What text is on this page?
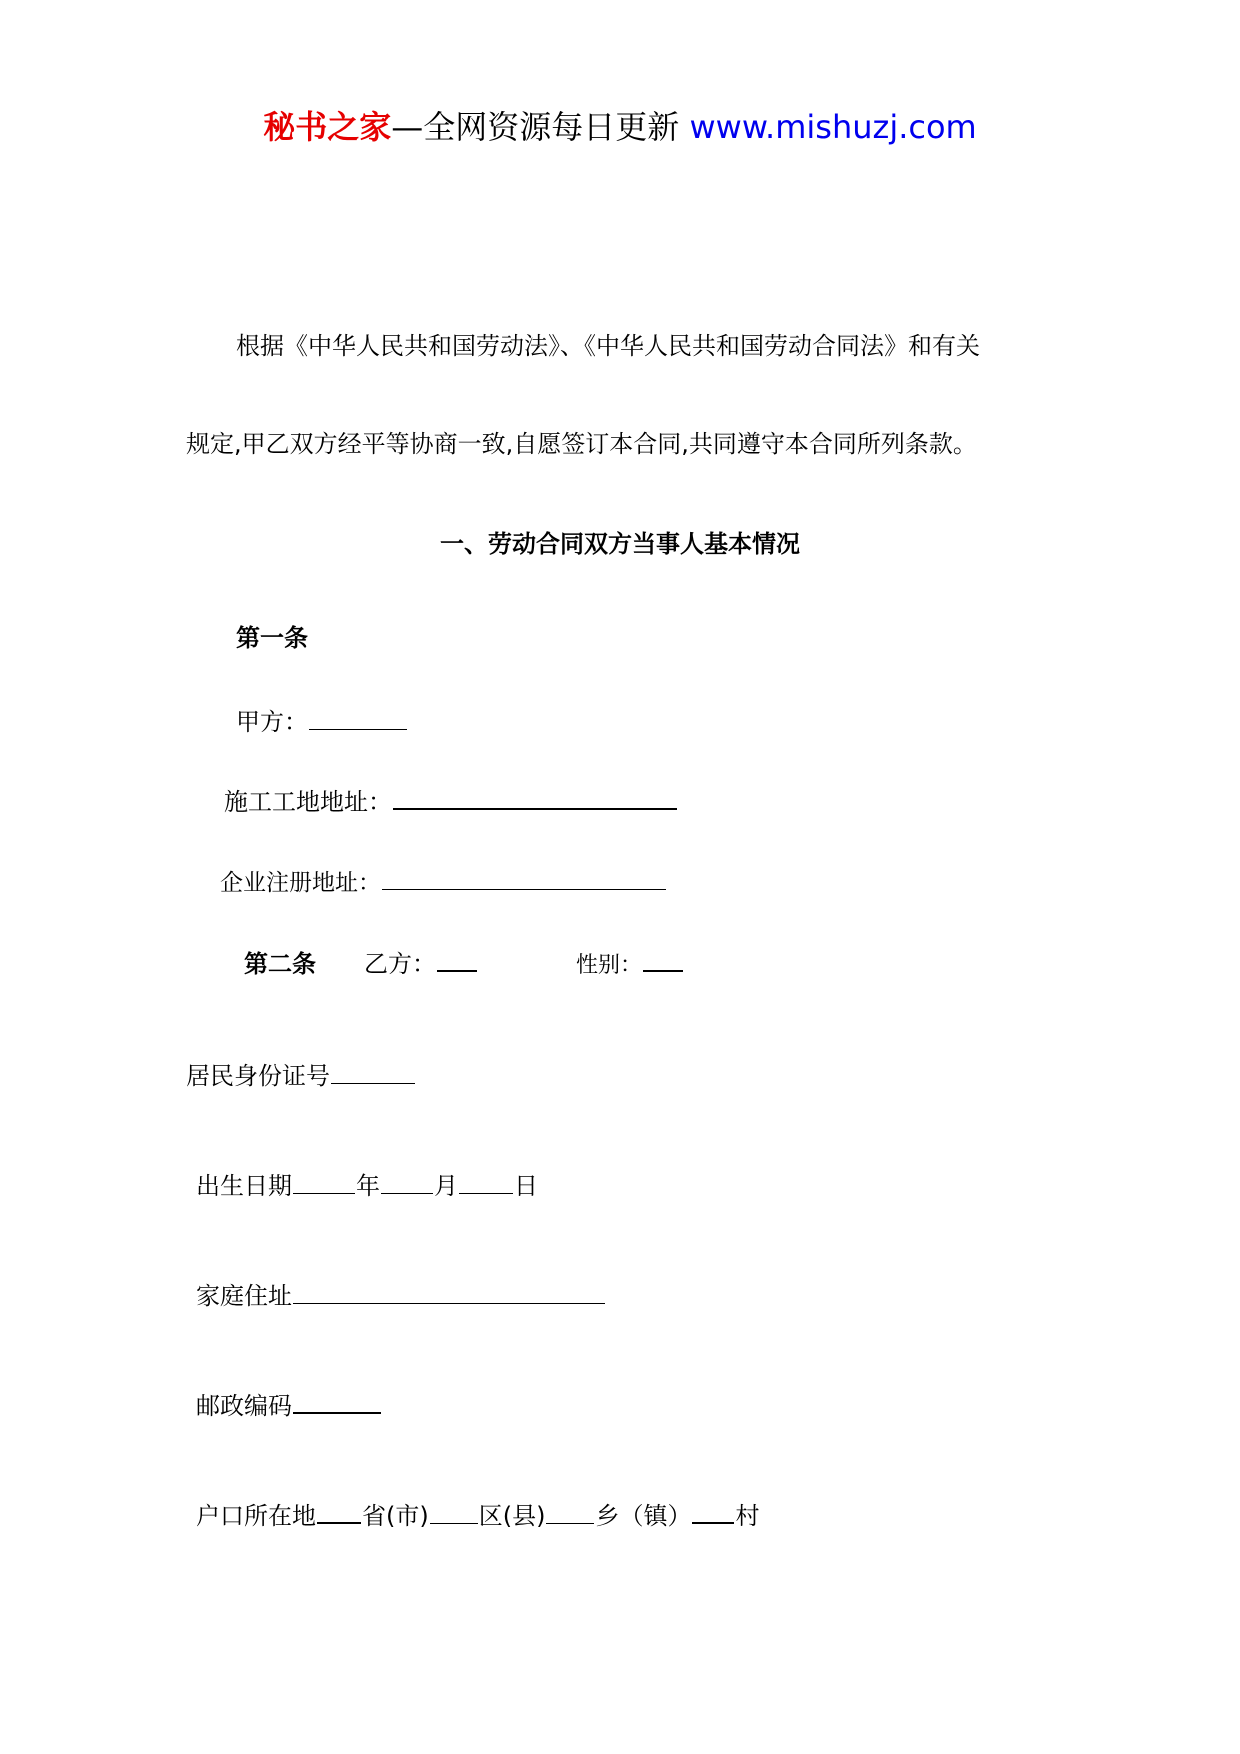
秘书之家—全网资源每日更新 www.mishuzj.com
根据《中华人民共和国劳动法》、《中华人民共和国劳动合同法》和有关
规定,甲乙双方经平等协商一致,自愿签订本合同,共同遵守本合同所列条款。
一、劳动合同双方当事人基本情况
第一条
甲方：
施工工地地址：
企业注册地址：
第二条 乙方：	性别：
居民身份证号
出生日期	年 月 日
家庭住址
邮政编码
户口所在地 省(市) 区(县) 乡（镇） 村
